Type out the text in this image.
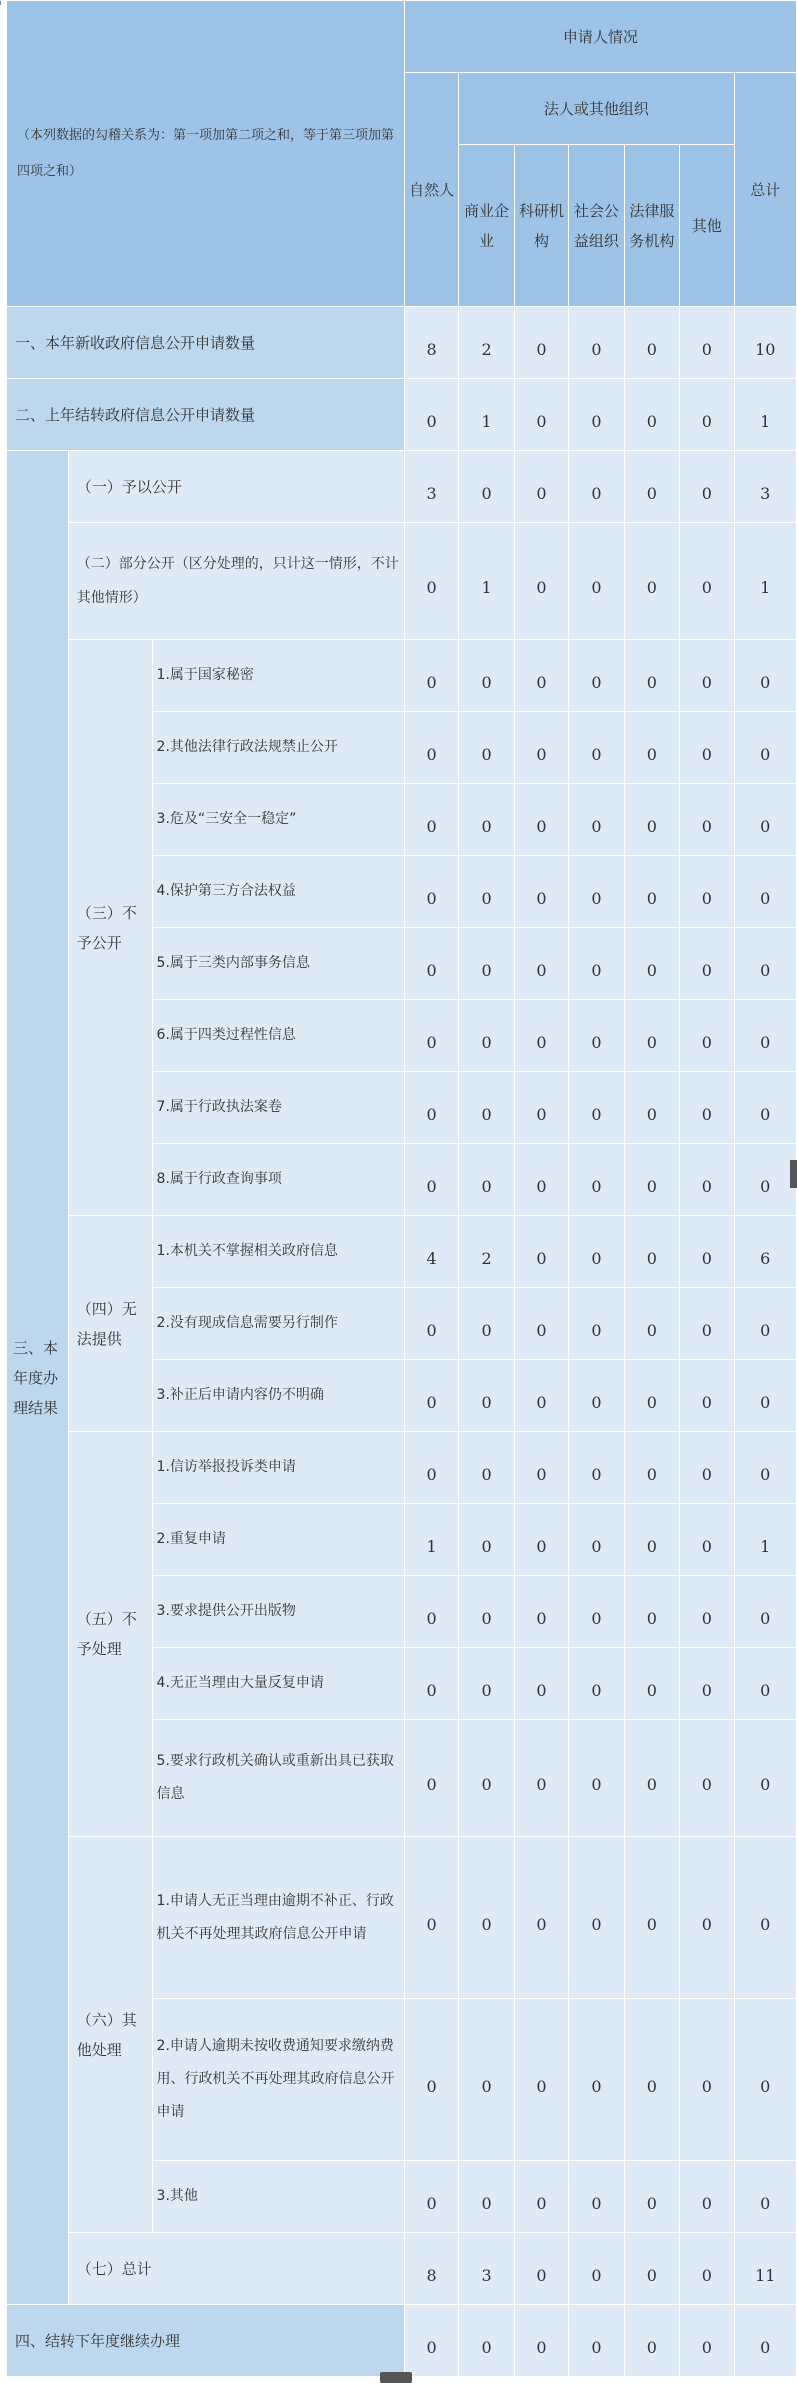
（本列数据的勾稽关系为：第一项加第二项之和，等于第三项加第四项之和）			申请人情况						
			自然人	法人或其他组织					总计
				商业企业	科研机构	社会公益组织	法律服务机构	其他	
一、本年新收政府信息公开申请数量			8	2	0	0	0	0	10
二、上年结转政府信息公开申请数量			0	1	0	0	0	0	1
三、本年度办理结果	（一）予以公开		3	0	0	0	0	0	3
	（二）部分公开（区分处理的，只计这一情形，不计其他情形）		0	1	0	0	0	0	1
	（三）不予公开	1.属于国家秘密	0	0	0	0	0	0	0
		2.其他法律行政法规禁止公开	0	0	0	0	0	0	0
		3.危及“三安全一稳定”	0	0	0	0	0	0	0
		4.保护第三方合法权益	0	0	0	0	0	0	0
		5.属于三类内部事务信息	0	0	0	0	0	0	0
		6.属于四类过程性信息	0	0	0	0	0	0	0
		7.属于行政执法案卷	0	0	0	0	0	0	0
		8.属于行政查询事项	0	0	0	0	0	0	0
	（四）无法提供	1.本机关不掌握相关政府信息	4	2	0	0	0	0	6
		2.没有现成信息需要另行制作	0	0	0	0	0	0	0
		3.补正后申请内容仍不明确	0	0	0	0	0	0	0
	（五）不予处理	1.信访举报投诉类申请	0	0	0	0	0	0	0
		2.重复申请	1	0	0	0	0	0	1
		3.要求提供公开出版物	0	0	0	0	0	0	0
		4.无正当理由大量反复申请	0	0	0	0	0	0	0
		5.要求行政机关确认或重新出具已获取信息	0	0	0	0	0	0	0
	（六）其他处理	1.申请人无正当理由逾期不补正、行政机关不再处理其政府信息公开申请	0	0	0	0	0	0	0
		2.申请人逾期未按收费通知要求缴纳费用、行政机关不再处理其政府信息公开申请	0	0	0	0	0	0	0
		3.其他	0	0	0	0	0	0	0
	（七）总计		8	3	0	0	0	0	11
四、结转下年度继续办理			0	0	0	0	0	0	0
